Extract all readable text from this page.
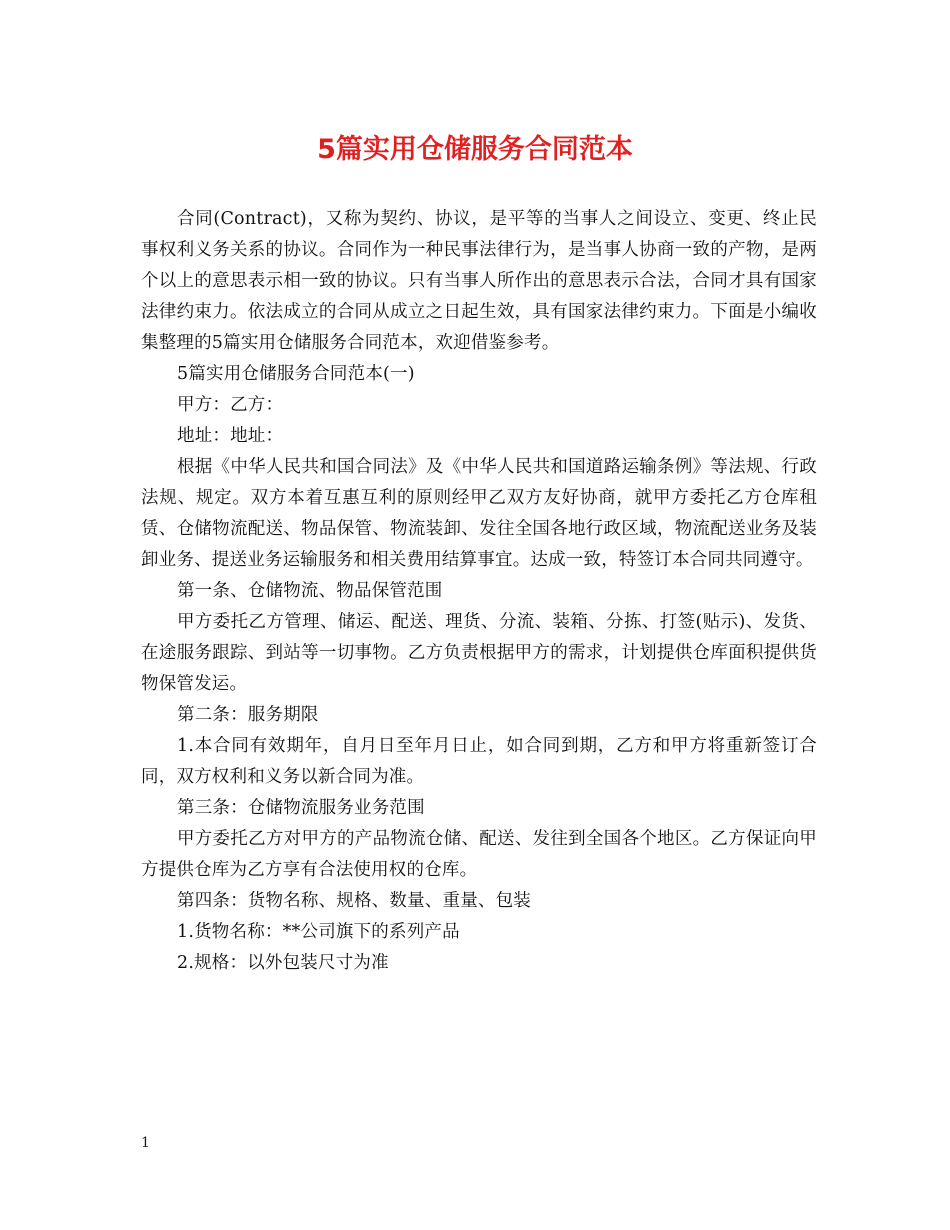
5篇实用仓储服务合同范本

合同(Contract)，又称为契约、协议，是平等的当事人之间设立、变更、终止民事权利义务关系的协议。合同作为一种民事法律行为，是当事人协商一致的产物，是两个以上的意思表示相一致的协议。只有当事人所作出的意思表示合法，合同才具有国家法律约束力。依法成立的合同从成立之日起生效，具有国家法律约束力。下面是小编收集整理的5篇实用仓储服务合同范本，欢迎借鉴参考。

5篇实用仓储服务合同范本(一)

甲方：乙方：

地址：地址：

根据《中华人民共和国合同法》及《中华人民共和国道路运输条例》等法规、行政法规、规定。双方本着互惠互利的原则经甲乙双方友好协商，就甲方委托乙方仓库租赁、仓储物流配送、物品保管、物流装卸、发往全国各地行政区域，物流配送业务及装卸业务、提送业务运输服务和相关费用结算事宜。达成一致，特签订本合同共同遵守。

第一条、仓储物流、物品保管范围

甲方委托乙方管理、储运、配送、理货、分流、装箱、分拣、打签(贴示)、发货、在途服务跟踪、到站等一切事物。乙方负责根据甲方的需求，计划提供仓库面积提供货物保管发运。

第二条：服务期限

1.本合同有效期年，自月日至年月日止，如合同到期，乙方和甲方将重新签订合同，双方权利和义务以新合同为准。

第三条：仓储物流服务业务范围

甲方委托乙方对甲方的产品物流仓储、配送、发往到全国各个地区。乙方保证向甲方提供仓库为乙方享有合法使用权的仓库。

第四条：货物名称、规格、数量、重量、包装

1.货物名称：**公司旗下的系列产品

2.规格：以外包装尺寸为准

1
